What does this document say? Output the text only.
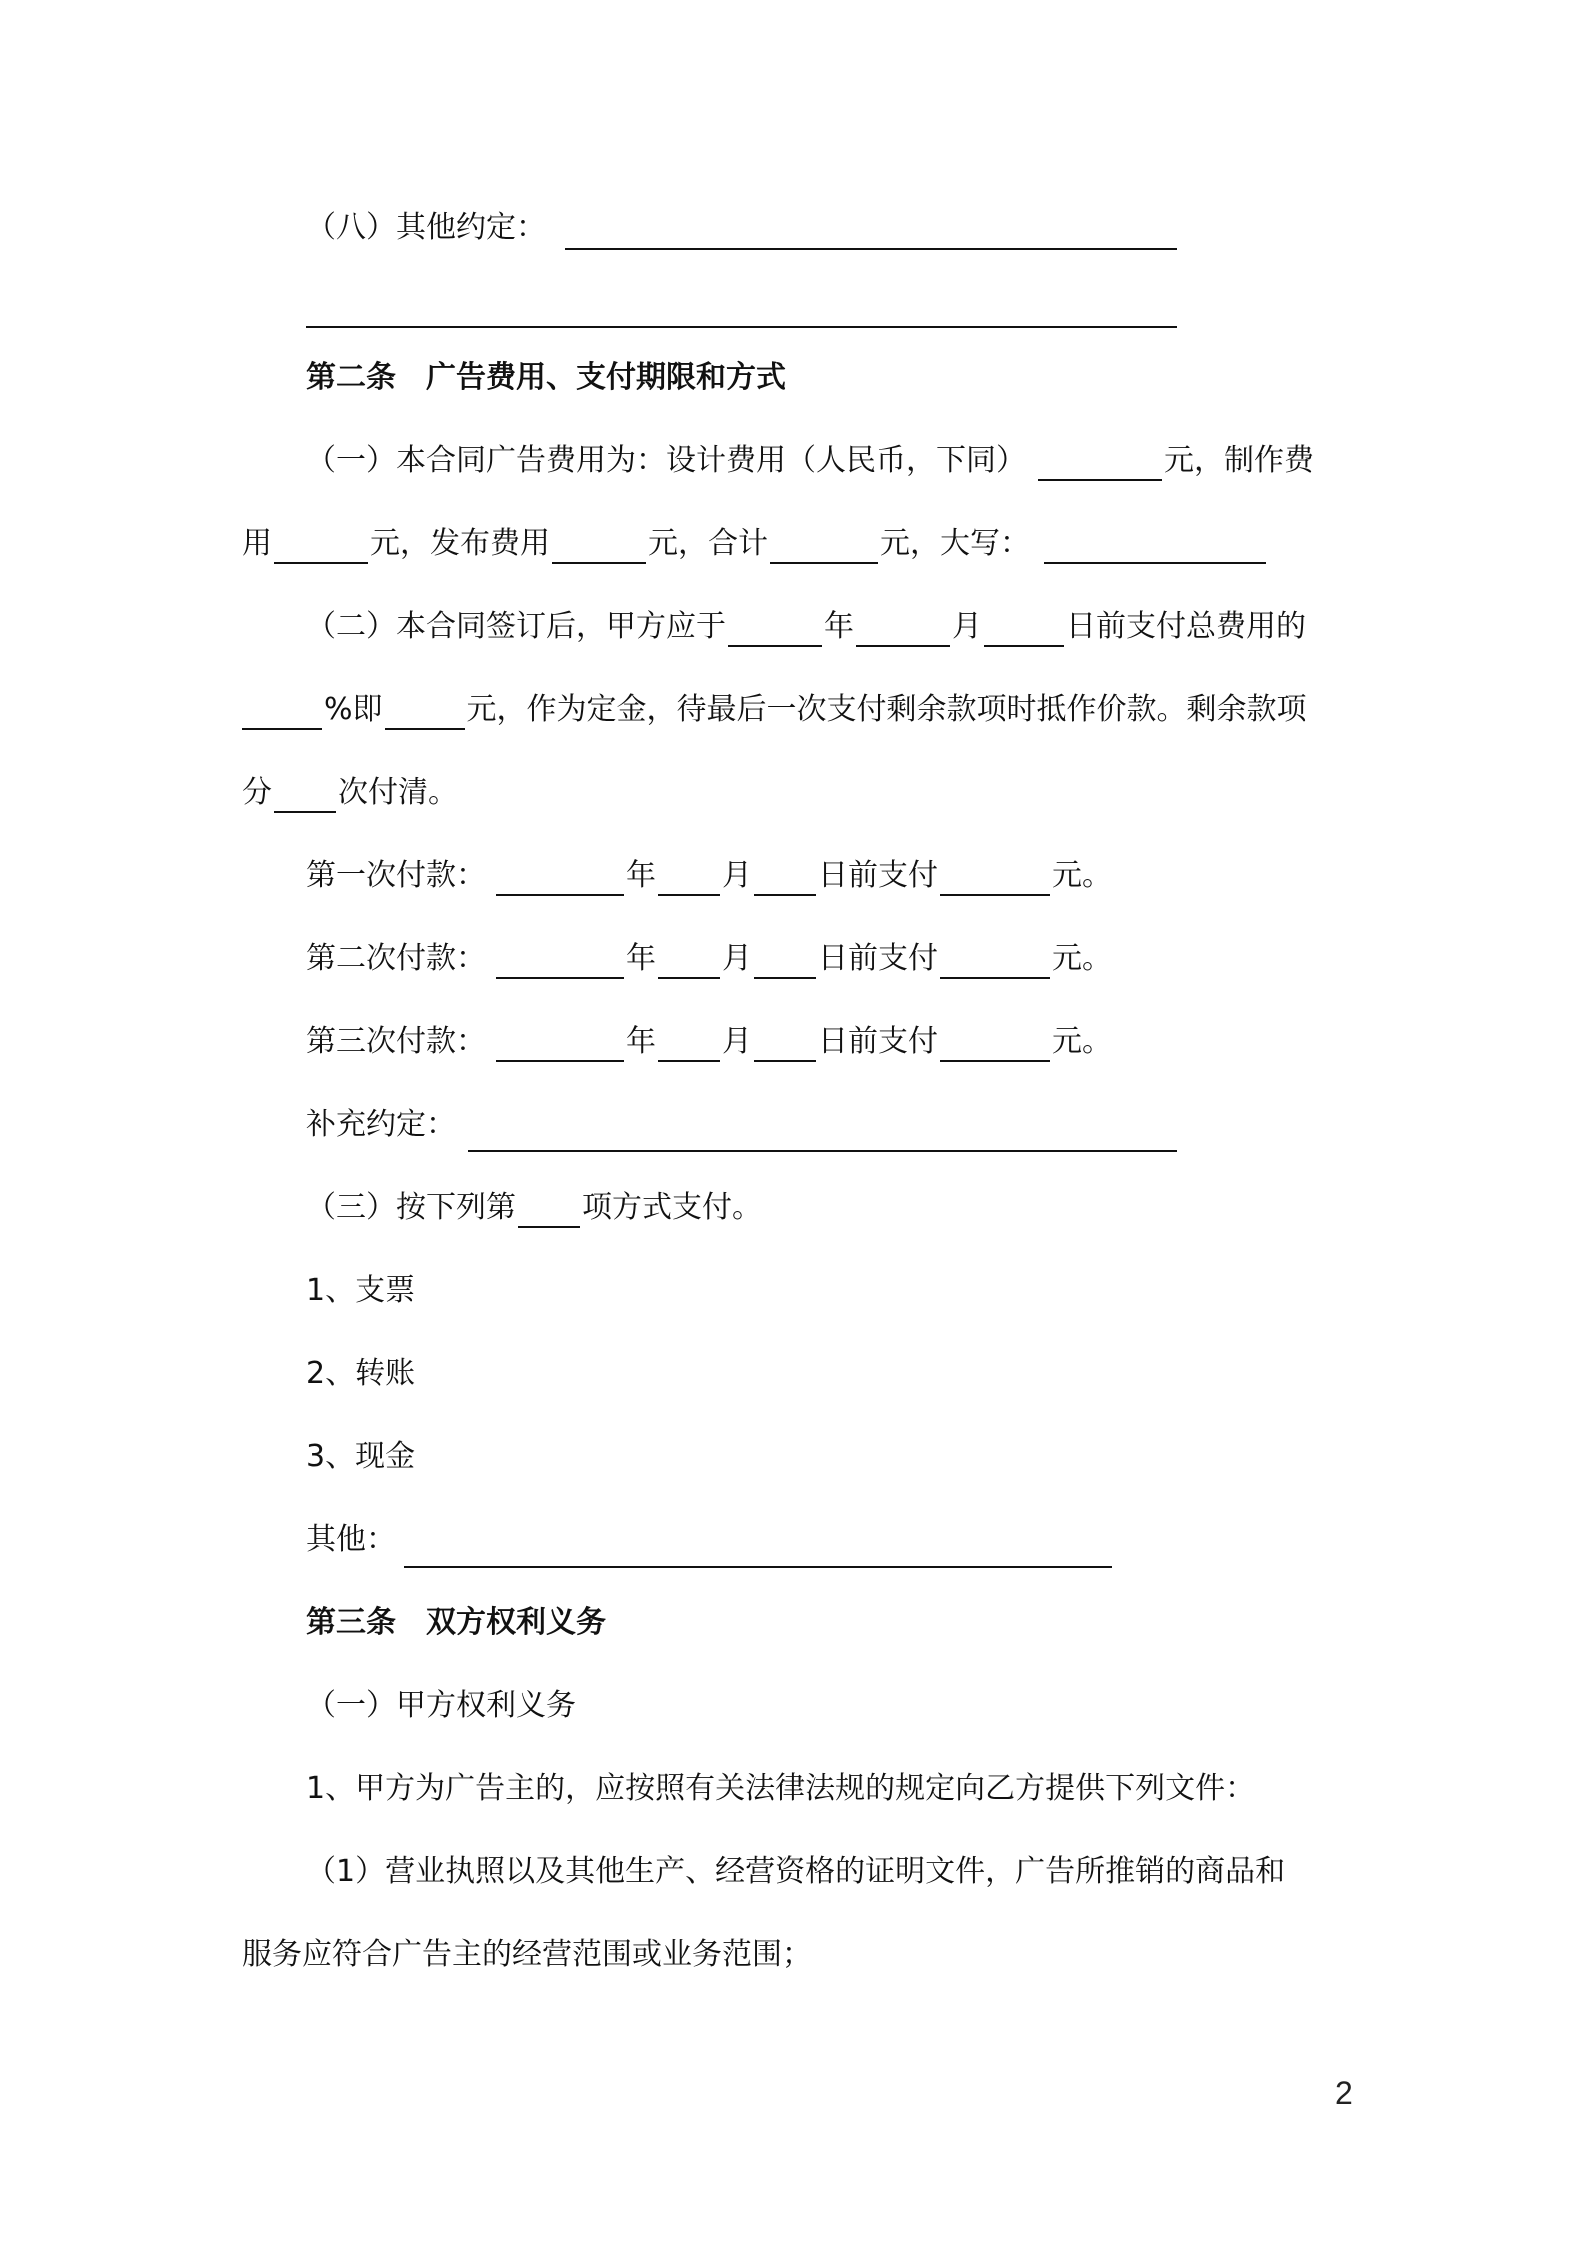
（八）其他约定：
第二条 广告费用、支付期限和方式
（一）本合同广告费用为：设计费用（人民币，下同）	元，制作费
用	元，发布费用	元，合计	元，大写：
（二）本合同签订后，甲方应于	年	月	日前支付总费用的
%即	元，作为定金，待最后一次支付剩余款项时抵作价款。剩余款项
分 次付清。
第一次付款：	年 月 日前支付	元。
第二次付款：	年 月 日前支付	元。
第三次付款：	年 月 日前支付	元。
补充约定：
（三）按下列第 项方式支付。
1、支票
2、转账
3、现金
其他：
第三条 双方权利义务
（一）甲方权利义务
1、甲方为广告主的，应按照有关法律法规的规定向乙方提供下列文件：
（1）营业执照以及其他生产、经营资格的证明文件，广告所推销的商品和
服务应符合广告主的经营范围或业务范围；
2
